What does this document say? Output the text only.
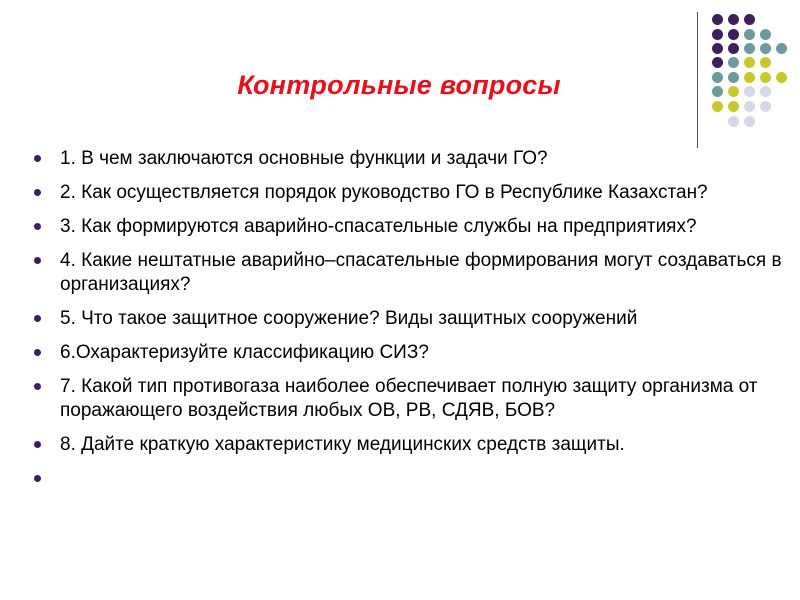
Контрольные вопросы
1. В чем заключаются основные функции и задачи ГО?
2. Как осуществляется порядок руководство ГО в Республике Казахстан?
3. Как формируются аварийно-спасательные службы на предприятиях?
4. Какие нештатные аварийно–спасательные формирования могут создаваться в организациях?
5. Что такое защитное сооружение? Виды защитных сооружений
6.Охарактеризуйте классификацию СИЗ?
7. Какой тип противогаза наиболее обеспечивает полную защиту организма от поражающего воздействия любых ОВ, РВ, СДЯВ, БОВ?
8. Дайте краткую характеристику медицинских средств защиты.
